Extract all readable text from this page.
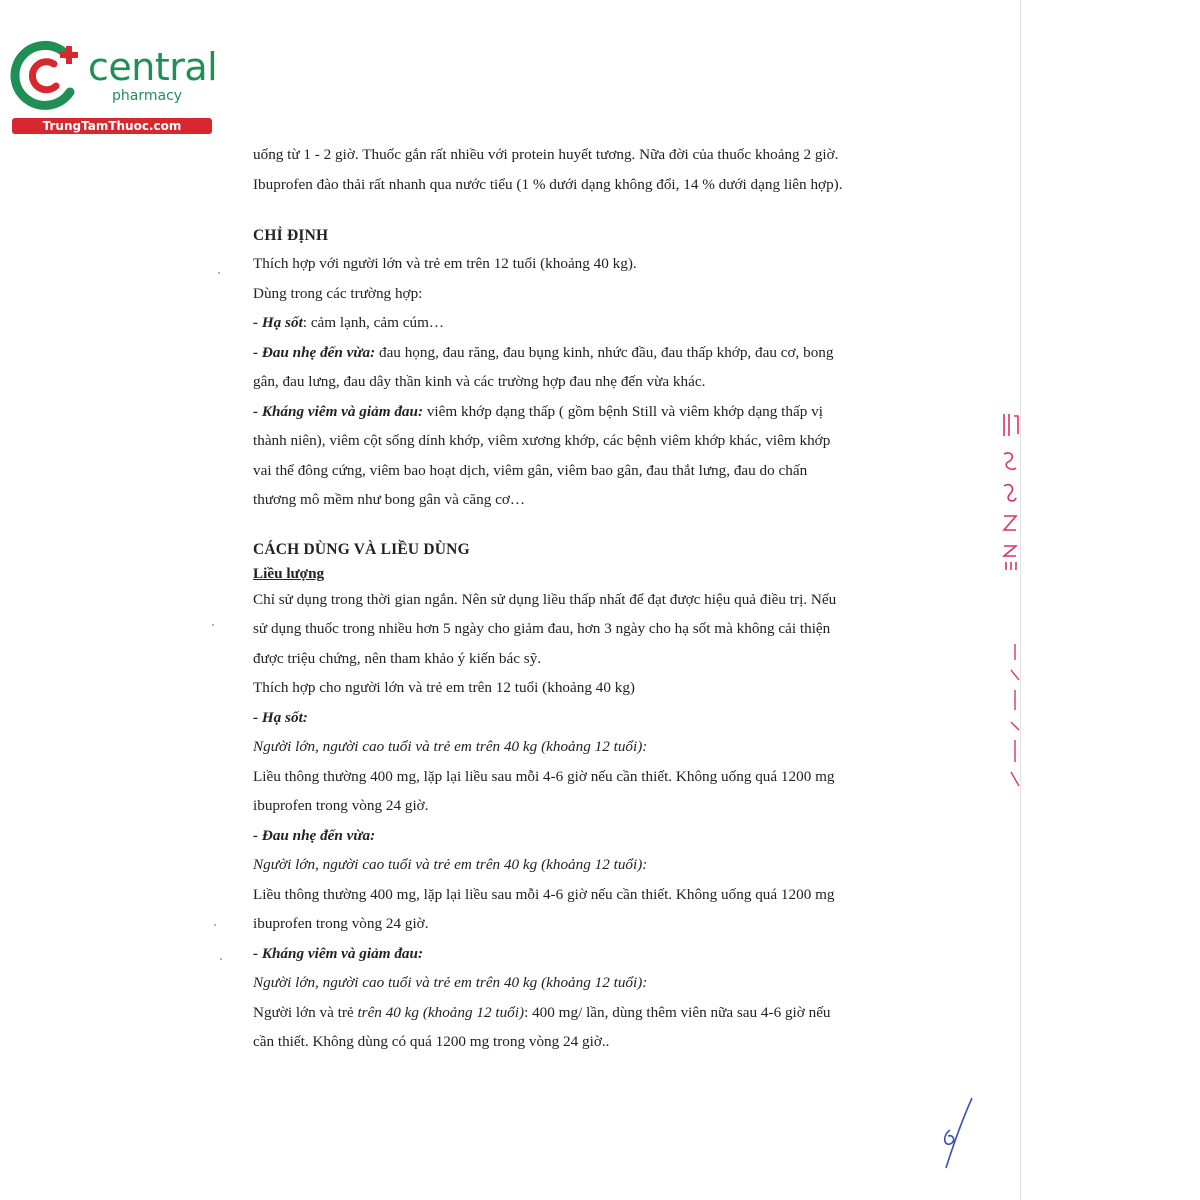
central
pharmacy
TrungTamThuoc.com

uống từ 1 - 2 giờ. Thuốc gắn rất nhiều với protein huyết tương. Nữa đời của thuốc khoảng 2 giờ.

Ibuprofen đào thải rất nhanh qua nước tiểu (1 % dưới dạng không đổi, 14 % dưới dạng liên hợp).

CHỈ ĐỊNH

Thích hợp với người lớn và trẻ em trên 12 tuổi (khoảng 40 kg).

Dùng trong các trường hợp:

- Hạ sốt: cảm lạnh, cảm cúm…

- Đau nhẹ đến vừa: đau họng, đau răng, đau bụng kinh, nhức đầu, đau thấp khớp, đau cơ, bong

gân, đau lưng, đau dây thần kinh và các trường hợp đau nhẹ đến vừa khác.

- Kháng viêm và giảm đau: viêm khớp dạng thấp ( gồm bệnh Still và viêm khớp dạng thấp vị

thành niên), viêm cột sống dính khớp, viêm xương khớp, các bệnh viêm khớp khác, viêm khớp

vai thể đông cứng, viêm bao hoạt dịch, viêm gân, viêm bao gân, đau thắt lưng, đau do chấn

thương mô mềm như bong gân và căng cơ…

CÁCH DÙNG VÀ LIỀU DÙNG

Liều lượng

Chỉ sử dụng trong thời gian ngắn. Nên sử dụng liều thấp nhất để đạt được hiệu quả điều trị. Nếu

sử dụng thuốc trong nhiều hơn 5 ngày cho giảm đau, hơn 3 ngày cho hạ sốt mà không cải thiện

được triệu chứng, nên tham khảo ý kiến bác sỹ.

Thích hợp cho người lớn và trẻ em trên 12 tuổi (khoảng 40 kg)

- Hạ sốt:

Người lớn, người cao tuổi và trẻ em trên 40 kg (khoảng 12 tuổi):

Liều thông thường 400 mg, lặp lại liều sau mỗi 4-6 giờ nếu cần thiết. Không uống quá 1200 mg

ibuprofen trong vòng 24 giờ.

- Đau nhẹ đến vừa:

Người lớn, người cao tuổi và trẻ em trên 40 kg (khoảng 12 tuổi):

Liều thông thường 400 mg, lặp lại liều sau mỗi 4-6 giờ nếu cần thiết. Không uống quá 1200 mg

ibuprofen trong vòng 24 giờ.

- Kháng viêm và giảm đau:

Người lớn, người cao tuổi và trẻ em trên 40 kg (khoảng 12 tuổi):

Người lớn và trẻ trên 40 kg (khoảng 12 tuổi): 400 mg/ lần, dùng thêm viên nữa sau 4-6 giờ nếu

cần thiết. Không dùng có quá 1200 mg trong vòng 24 giờ..
